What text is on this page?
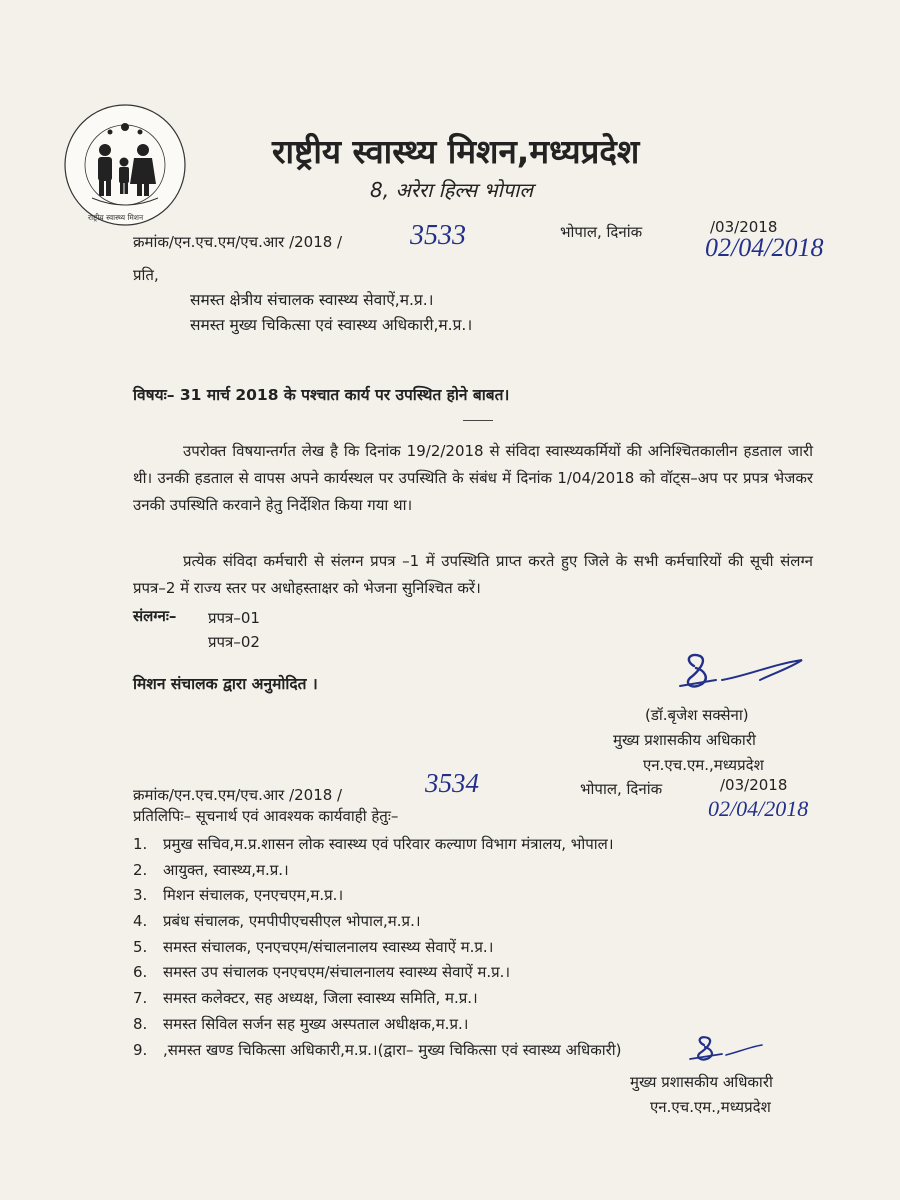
राष्ट्रीय स्वास्थ्य मिशन
राष्ट्रीय स्वास्थ्य मिशन,मध्यप्रदेश
8, अरेरा हिल्स भोपाल
क्रमांक/एन.एच.एम/एच.आर /2018 / 3533	भोपाल, दिनांक	/03/2018
02/04/2018
प्रति,
समस्त क्षेत्रीय संचालक स्वास्थ्य सेवाऐं,म.प्र.।
समस्त मुख्य चिकित्सा एवं स्वास्थ्य अधिकारी,म.प्र.।
विषयः– 31 मार्च 2018 के पश्चात कार्य पर उपस्थित होने बाबत।
उपरोक्त विषयान्तर्गत लेख है कि दिनांक 19/2/2018 से संविदा स्वास्थ्यकर्मियों की अनिश्चितकालीन हडताल जारी थी। उनकी हडताल से वापस अपने कार्यस्थल पर उपस्थिति के संबंध में दिनांक 1/04/2018 को वॉट्स–अप पर प्रपत्र भेजकर उनकी उपस्थिति करवाने हेतु निर्देशित किया गया था।
प्रत्येक संविदा कर्मचारी से संलग्न प्रपत्र –1 में उपस्थिति प्राप्त करते हुए जिले के सभी कर्मचारियों की सूची संलग्न प्रपत्र–2 में राज्य स्तर पर अधोहस्ताक्षर को भेजना सुनिश्चित करें।
संलग्नः– प्रपत्र–01
प्रपत्र–02
मिशन संचालक द्वारा अनुमोदित ।
(डॉ.बृजेश सक्सेना)
मुख्य प्रशासकीय अधिकारी
एन.एच.एम.,मध्यप्रदेश
क्रमांक/एन.एच.एम/एच.आर /2018 /	3534	भोपाल, दिनांक	/03/2018
02/04/2018
प्रतिलिपिः– सूचनार्थ एवं आवश्यक कार्यवाही हेतुः–
1. प्रमुख सचिव,म.प्र.शासन लोक स्वास्थ्य एवं परिवार कल्याण विभाग मंत्रालय, भोपाल।
2. आयुक्त, स्वास्थ्य,म.प्र.।
3. मिशन संचालक, एनएचएम,म.प्र.।
4. प्रबंध संचालक, एमपीपीएचसीएल भोपाल,म.प्र.।
5. समस्त संचालक, एनएचएम/संचालनालय स्वास्थ्य सेवाऐं म.प्र.।
6. समस्त उप संचालक एनएचएम/संचालनालय स्वास्थ्य सेवाऐं म.प्र.।
7. समस्त कलेक्टर, सह अध्यक्ष, जिला स्वास्थ्य समिति, म.प्र.।
8. समस्त सिविल सर्जन सह मुख्य अस्पताल अधीक्षक,म.प्र.।
9. ,समस्त खण्ड चिकित्सा अधिकारी,म.प्र.।(द्वारा– मुख्य चिकित्सा एवं स्वास्थ्य अधिकारी)
मुख्य प्रशासकीय अधिकारी
एन.एच.एम.,मध्यप्रदेश
